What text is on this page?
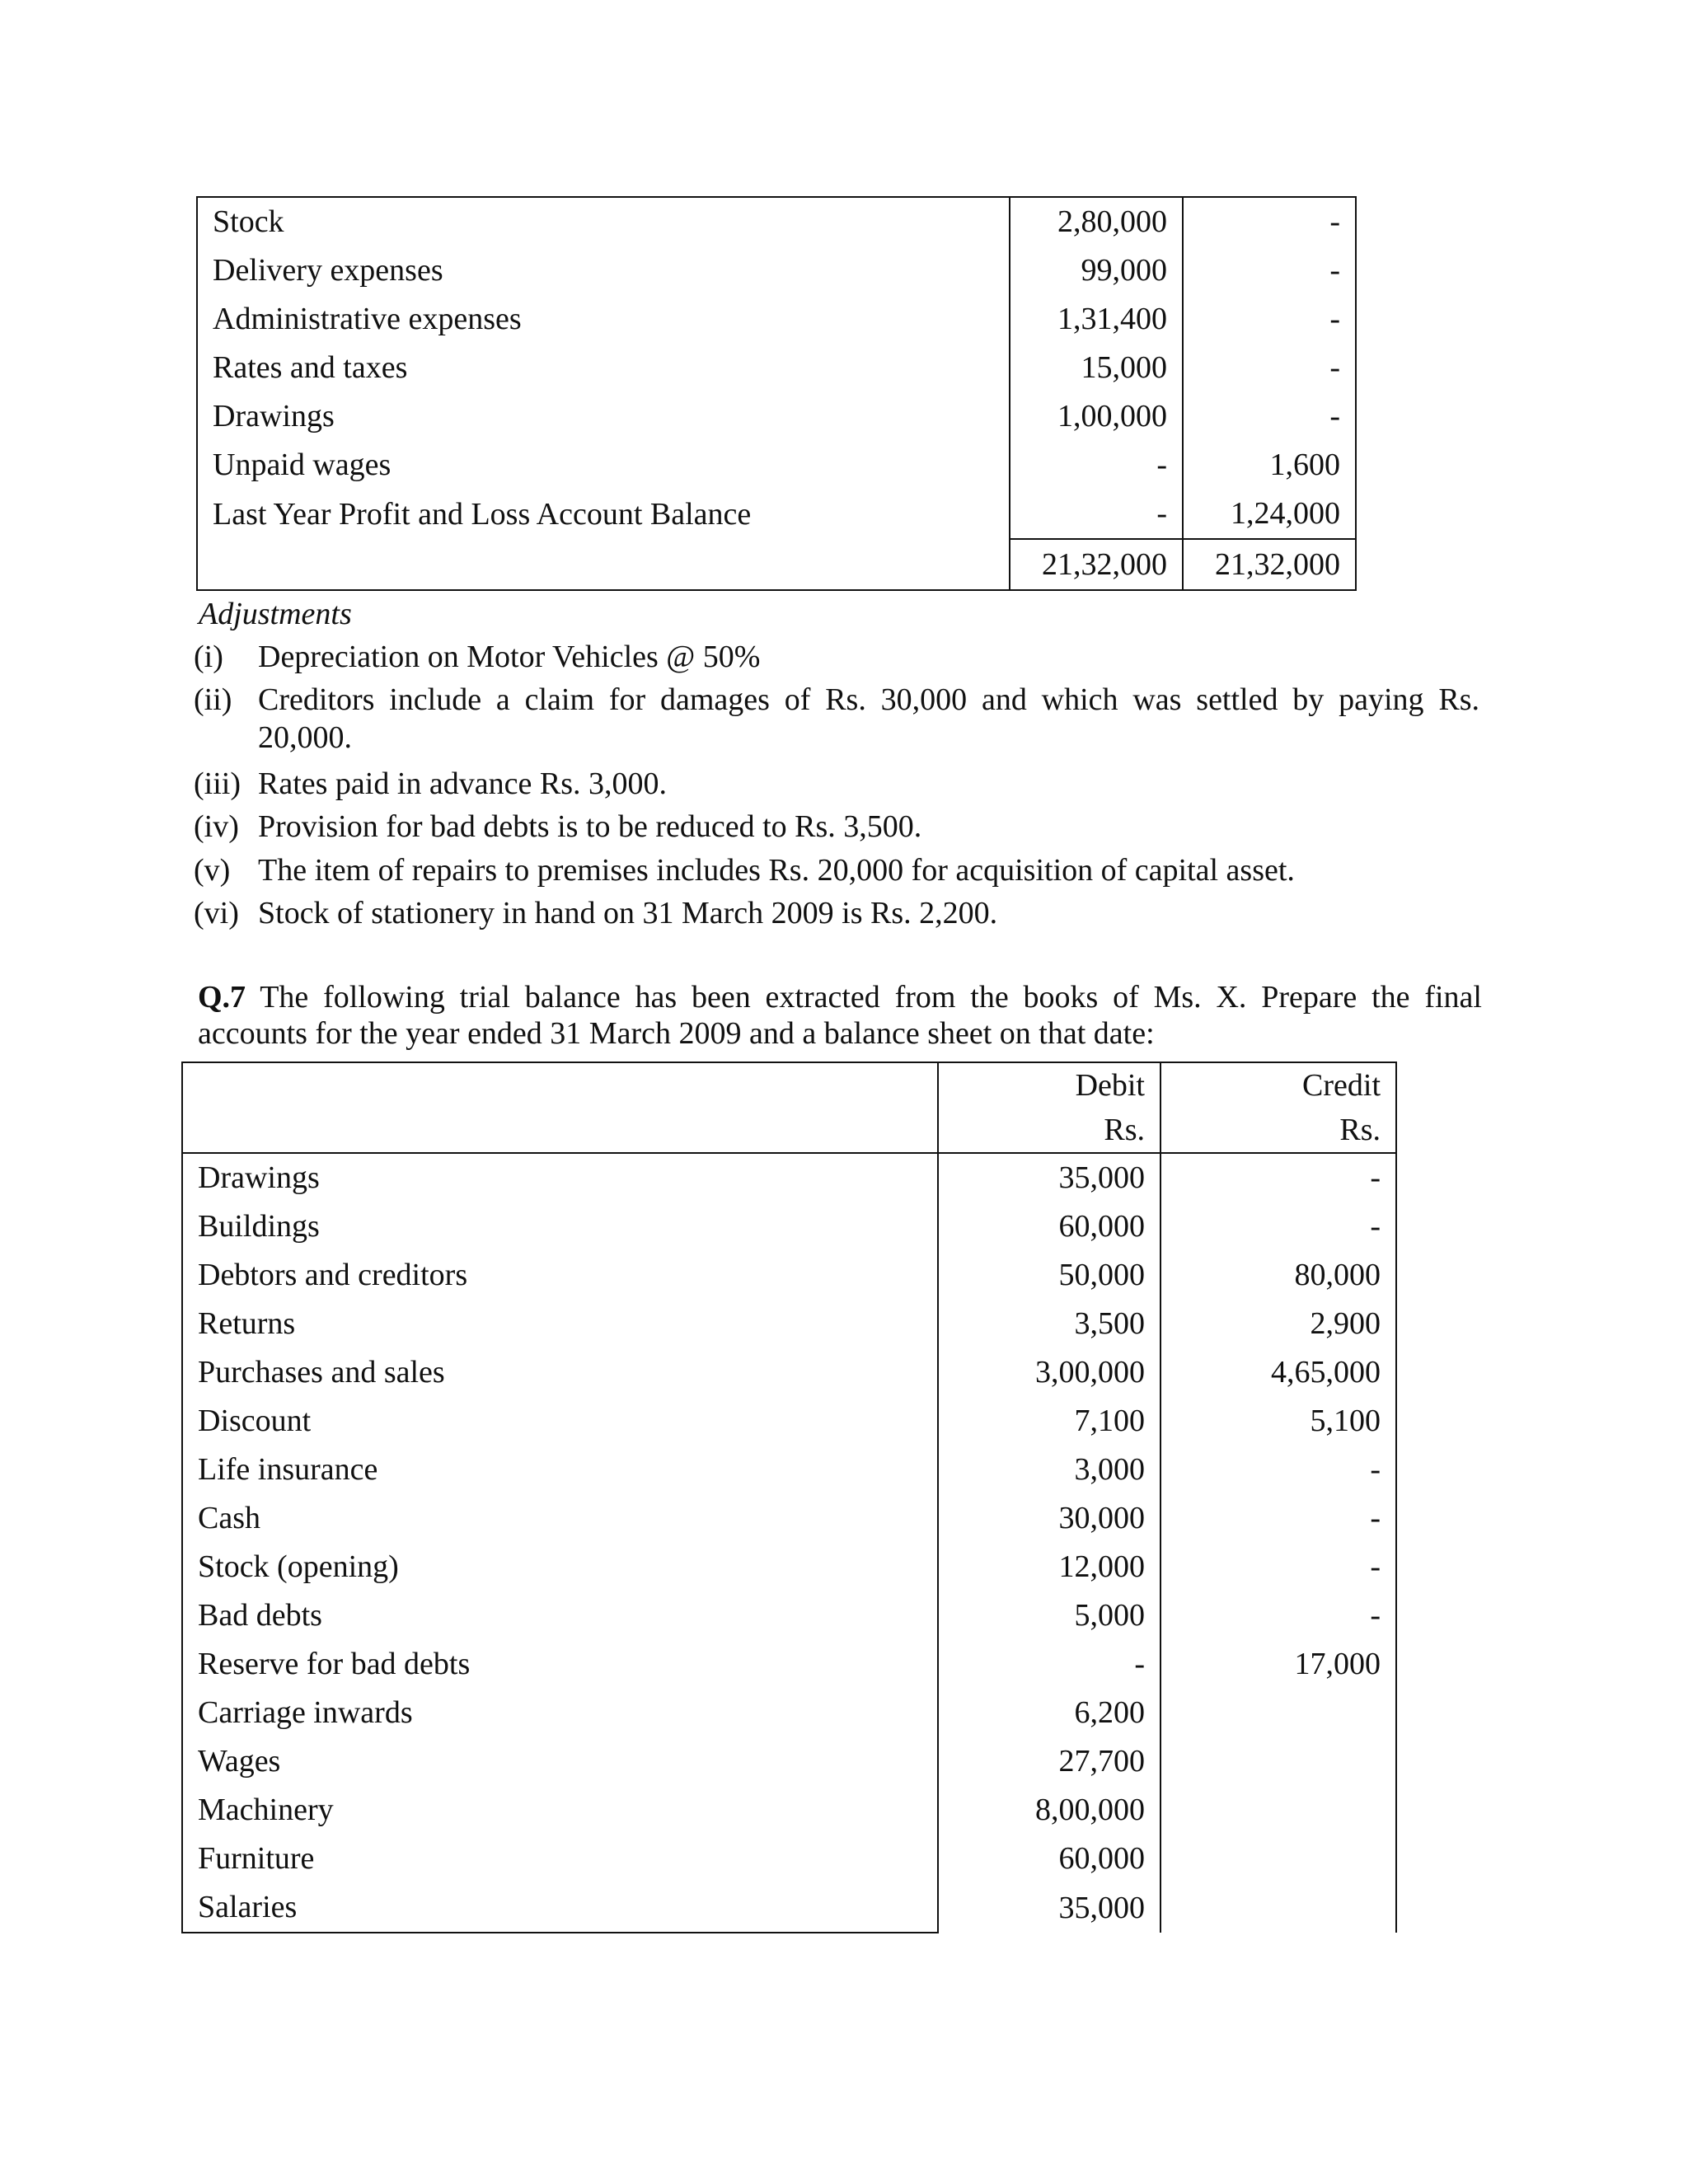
Stock	2,80,000	-
Delivery expenses	99,000	-
Administrative expenses	1,31,400	-
Rates and taxes	15,000	-
Drawings	1,00,000	-
Unpaid wages	-	1,600
Last Year Profit and Loss Account Balance	-	1,24,000
	21,32,000	21,32,000
Adjustments
(i)	Depreciation on Motor Vehicles @ 50%
(ii) Creditors include a claim for damages of Rs. 30,000 and which was settled by paying Rs.
20,000.
(iii) Rates paid in advance Rs. 3,000.
(iv) Provision for bad debts is to be reduced to Rs. 3,500.
(v) The item of repairs to premises includes Rs. 20,000 for acquisition of capital asset.
(vi) Stock of stationery in hand on 31 March 2009 is Rs. 2,200.
Q.7 The following trial balance has been extracted from the books of Ms. X. Prepare the final accounts for the year ended 31 March 2009 and a balance sheet on that date:
	Debit	Credit
	Rs.	Rs.
Drawings	35,000	-
Buildings	60,000	-
Debtors and creditors	50,000	80,000
Returns	3,500	2,900
Purchases and sales	3,00,000	4,65,000
Discount	7,100	5,100
Life insurance	3,000	-
Cash	30,000	-
Stock (opening)	12,000	-
Bad debts	5,000	-
Reserve for bad debts	-	17,000
Carriage inwards	6,200	
Wages	27,700	
Machinery	8,00,000	
Furniture	60,000	
Salaries	35,000	
